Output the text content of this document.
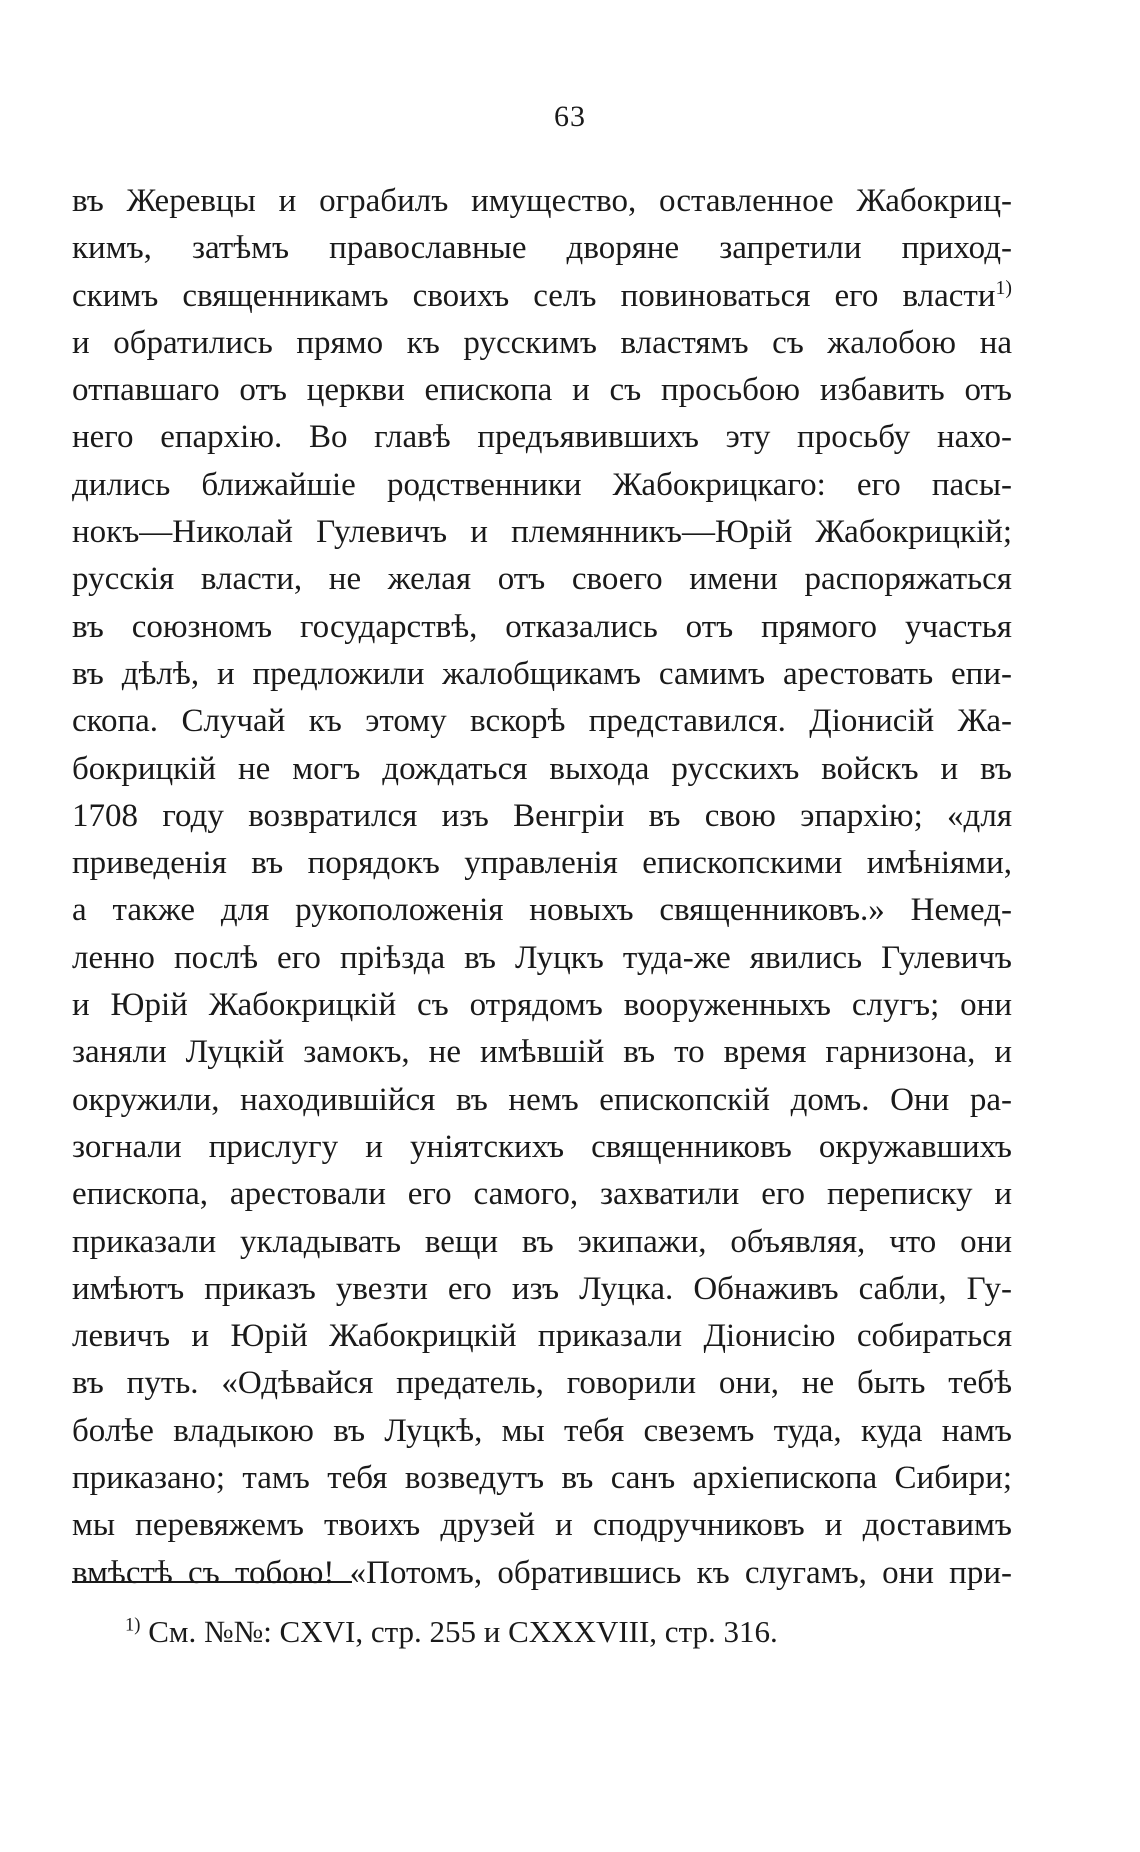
63
въ Жеревцы и ограбилъ имущество, оставленное Жабокриц-
кимъ, затѣмъ православные дворяне запретили приход-
скимъ священникамъ своихъ селъ повиноваться его власти$^{1)}$
и обратились прямо къ русскимъ властямъ съ жалобою на
отпавшаго отъ церкви епископа и съ просьбою избавить отъ
него епархію. Во главѣ предъявившихъ эту просьбу нахо-
дились ближайшіе родственники Жабокрицкаго: его пасы-
нокъ—Николай Гулевичъ и племянникъ—Юрій Жабокрицкій;
русскія власти, не желая отъ своего имени распоряжаться
въ союзномъ государствѣ, отказались отъ прямого участья
въ дѣлѣ, и предложили жалобщикамъ самимъ арестовать епи-
скопа. Случай къ этому вскорѣ представился. Діонисій Жа-
бокрицкій не могъ дождаться выхода русскихъ войскъ и въ
1708 году возвратился изъ Венгріи въ свою эпархію; «для
приведенія въ порядокъ управленія епископскими имѣніями,
а также для рукоположенія новыхъ священниковъ.» Немед-
ленно послѣ его пріѣзда въ Луцкъ туда-же явились Гулевичъ
и Юрій Жабокрицкій съ отрядомъ вооруженныхъ слугъ; они
заняли Луцкій замокъ, не имѣвшій въ то время гарнизона, и
окружили, находившійся въ немъ епископскій домъ. Они ра-
зогнали прислугу и уніятскихъ священниковъ окружавшихъ
епископа, арестовали его самого, захватили его переписку и
приказали укладывать вещи въ экипажи, объявляя, что они
имѣютъ приказъ увезти его изъ Луцка. Обнаживъ сабли, Гу-
левичъ и Юрій Жабокрицкій приказали Діонисію собираться
въ путь. «Одѣвайся предатель, говорили они, не быть тебѣ
болѣе владыкою въ Луцкѣ, мы тебя свеземъ туда, куда намъ
приказано; тамъ тебя возведутъ въ санъ архіепископа Сибири;
мы перевяжемъ твоихъ друзей и сподручниковъ и доставимъ
вмѣстѣ съ тобою! «Потомъ, обратившись къ слугамъ, они при-
$^{1)}$ См. №№: CXVI, стр. 255 и CXXXVIII, стр. 316.
